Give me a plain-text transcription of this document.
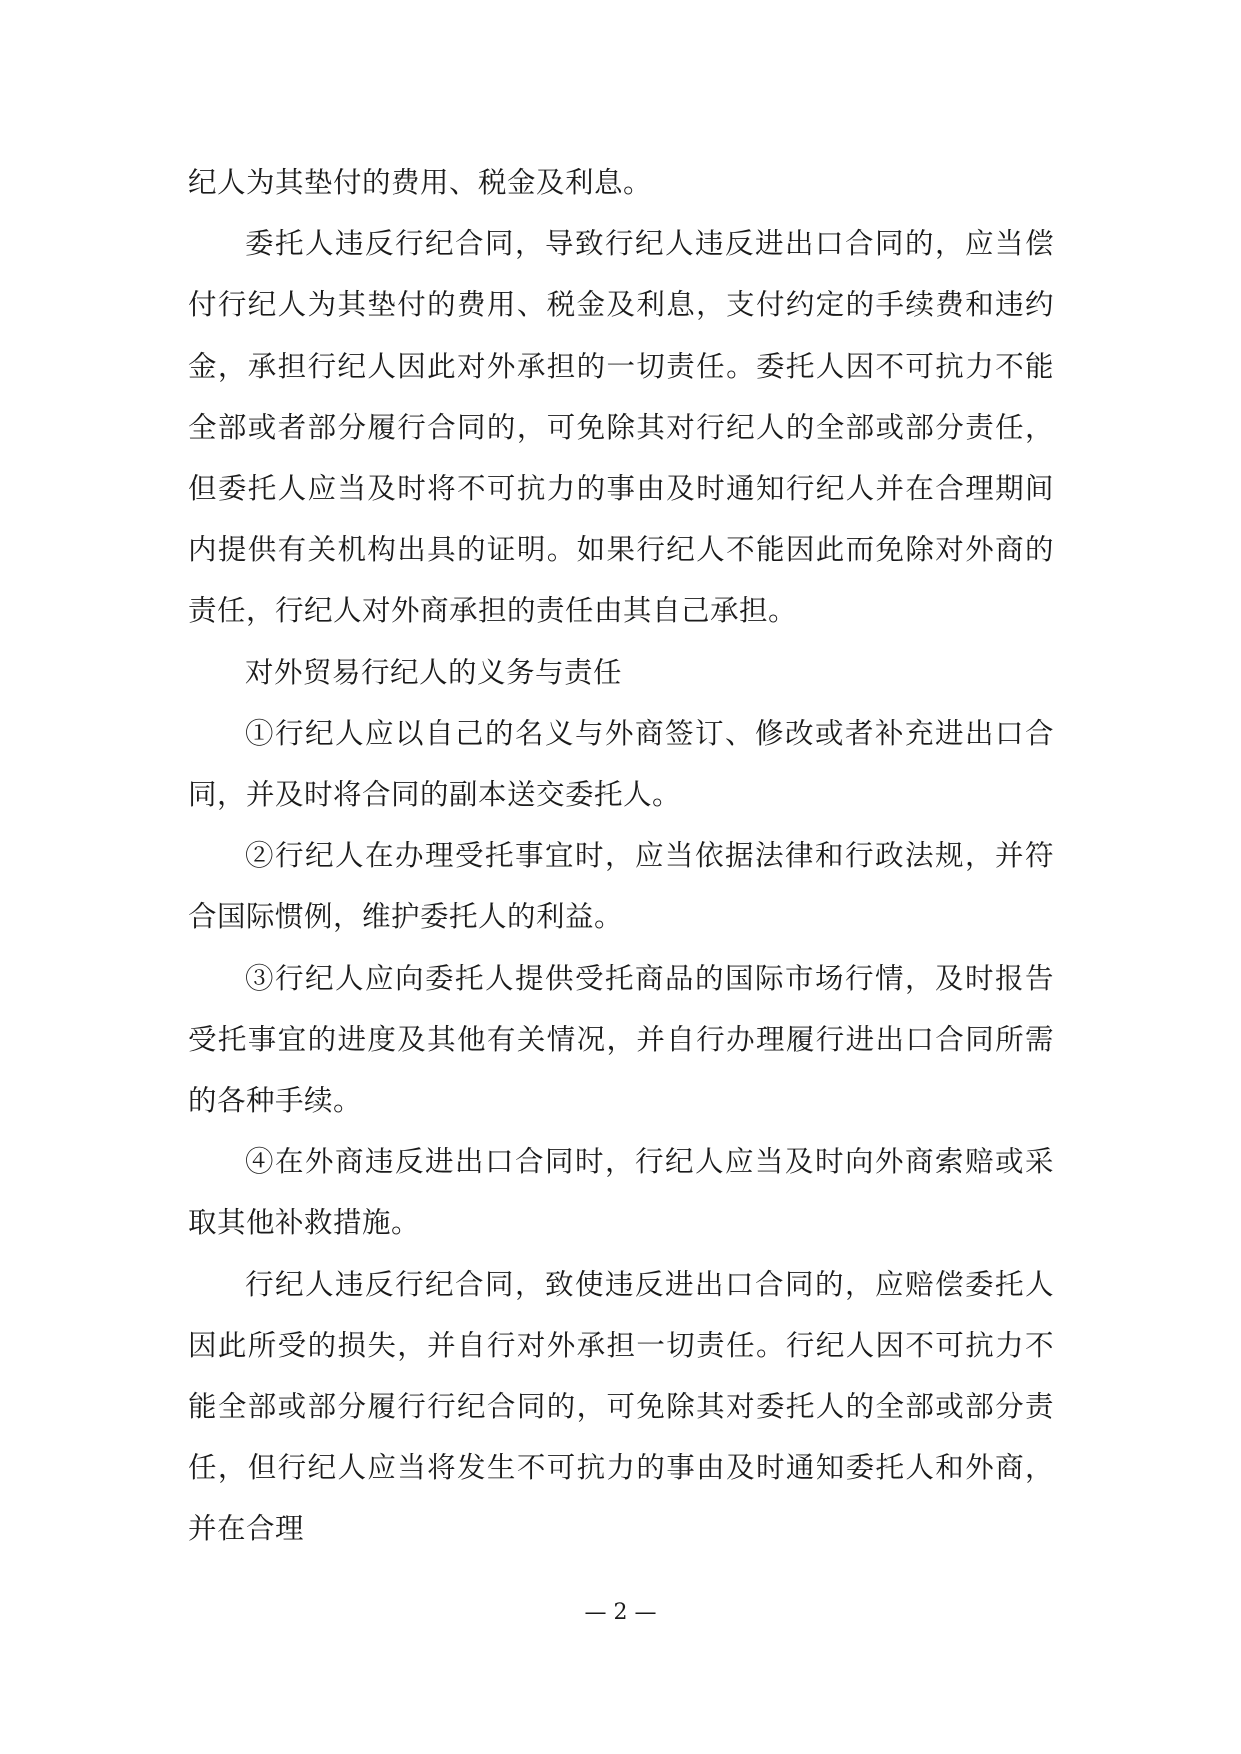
纪人为其垫付的费用、税金及利息。

委托人违反行纪合同，导致行纪人违反进出口合同的，应当偿付行纪人为其垫付的费用、税金及利息，支付约定的手续费和违约金，承担行纪人因此对外承担的一切责任。委托人因不可抗力不能全部或者部分履行合同的，可免除其对行纪人的全部或部分责任，但委托人应当及时将不可抗力的事由及时通知行纪人并在合理期间内提供有关机构出具的证明。如果行纪人不能因此而免除对外商的责任，行纪人对外商承担的责任由其自己承担。

对外贸易行纪人的义务与责任

①行纪人应以自己的名义与外商签订、修改或者补充进出口合同，并及时将合同的副本送交委托人。

②行纪人在办理受托事宜时，应当依据法律和行政法规，并符合国际惯例，维护委托人的利益。

③行纪人应向委托人提供受托商品的国际市场行情，及时报告受托事宜的进度及其他有关情况，并自行办理履行进出口合同所需的各种手续。

④在外商违反进出口合同时，行纪人应当及时向外商索赔或采取其他补救措施。

行纪人违反行纪合同，致使违反进出口合同的，应赔偿委托人因此所受的损失，并自行对外承担一切责任。行纪人因不可抗力不能全部或部分履行行纪合同的，可免除其对委托人的全部或部分责任，但行纪人应当将发生不可抗力的事由及时通知委托人和外商，并在合理

— 2 —
